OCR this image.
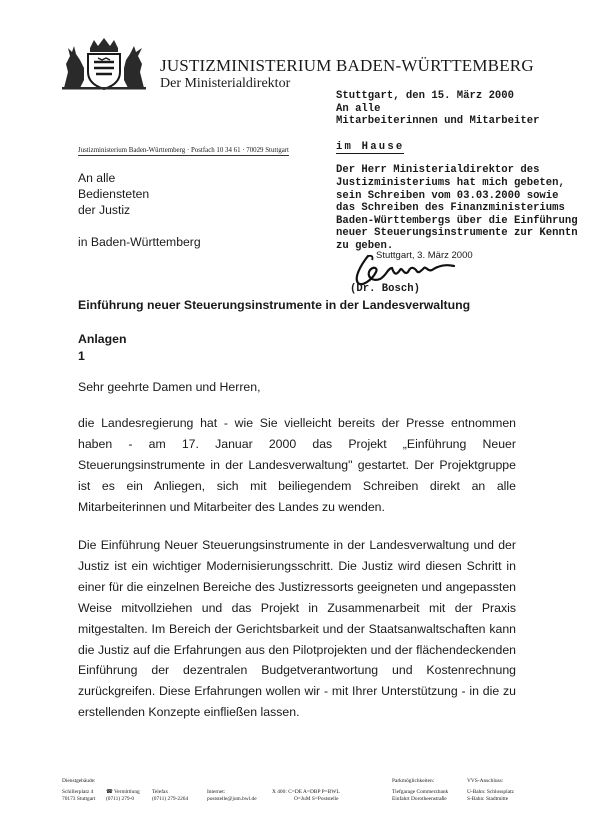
JUSTIZMINISTERIUM BADEN-WÜRTTEMBERG
Der Ministerialdirektor
Stuttgart, den 15. März 2000
An alle
Mitarbeiterinnen und Mitarbeiter
im Hause
Der Herr Ministerialdirektor des
Justizministeriums hat mich gebeten,
sein Schreiben vom 03.03.2000 sowie
das Schreiben des Finanzministeriums
Baden-Württembergs über die Einführung
neuer Steuerungsinstrumente zur Kenntn
zu geben.
Justizministerium Baden-Württemberg · Postfach 10 34 61 · 70029 Stuttgart
An alle
Bediensteten
der Justiz
in Baden-Württemberg
Stuttgart, 3. März 2000
(Dr. Bosch)
Einführung neuer Steuerungsinstrumente in der Landesverwaltung
Anlagen
1
Sehr geehrte Damen und Herren,
die Landesregierung hat - wie Sie vielleicht bereits der Presse entnommen haben - am 17. Januar 2000 das Projekt „Einführung Neuer Steuerungsinstrumente in der Landesverwaltung" gestartet. Der Projektgruppe ist es ein Anliegen, sich mit beiliegendem Schreiben direkt an alle Mitarbeiterinnen und Mitarbeiter des Landes zu wenden.
Die Einführung Neuer Steuerungsinstrumente in der Landesverwaltung und der Justiz ist ein wichtiger Modernisierungsschritt. Die Justiz wird diesen Schritt in einer für die einzelnen Bereiche des Justizressorts geeigneten und angepassten Weise mitvollziehen und das Projekt in Zusammenarbeit mit der Praxis mitgestalten. Im Bereich der Gerichtsbarkeit und der Staatsanwaltschaften kann die Justiz auf die Erfahrungen aus den Pilotprojekten und der flächendeckenden Einführung der dezentralen Budgetverantwortung und Kostenrechnung zurückgreifen. Diese Erfahrungen wollen wir - mit Ihrer Unterstützung - in die zu erstellenden Konzepte einfließen lassen.
Dienstgebäude:
Schillerplatz 4
70173 Stuttgart
☎ Vermittlung
(0711) 279-0
Telefax
(0711) 279-2264
Internet:
poststelle@jum.bwl.de
X 400: C=DE A=DBP P=BWL
O=JuM S=Poststelle
Parkmöglichkeiten:
Tiefgarage Commerzbank
Einfahrt Dorotheenstraße
VVS-Anschluss:
U-Bahn: Schlossplatz
S-Bahn: Stadtmitte
